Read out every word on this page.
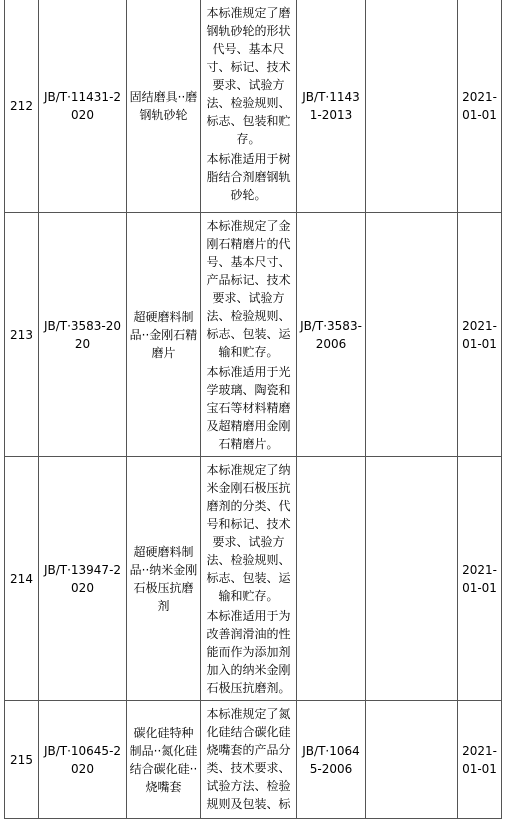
212	JB/T·11431-2020	固结磨具··磨钢轨砂轮	本标准规定了磨钢轨砂轮的形状代号、基本尺寸、标记、技术要求、试验方法、检验规则、标志、包装和贮存。

本标准适用于树脂结合剂磨钢轨砂轮。	JB/T·11431-2013		2021-01-01
213	JB/T·3583-2020	超硬磨料制品··金刚石精磨片	本标准规定了金刚石精磨片的代号、基本尺寸、产品标记、技术要求、试验方法、检验规则、标志、包装、运输和贮存。

本标准适用于光学玻璃、陶瓷和宝石等材料精磨及超精磨用金刚石精磨片。	JB/T·3583-2006		2021-01-01
214	JB/T·13947-2020	超硬磨料制品··纳米金刚石极压抗磨剂	本标准规定了纳米金刚石极压抗磨剂的分类、代号和标记、技术要求、试验方法、检验规则、标志、包装、运输和贮存。

本标准适用于为改善润滑油的性能而作为添加剂加入的纳米金刚石极压抗磨剂。			2021-01-01
215	JB/T·10645-2020	碳化硅特种制品··氮化硅结合碳化硅··烧嘴套	本标准规定了氮化硅结合碳化硅烧嘴套的产品分类、技术要求、试验方法、检验规则及包装、标	JB/T·10645-2006		2021-01-01
